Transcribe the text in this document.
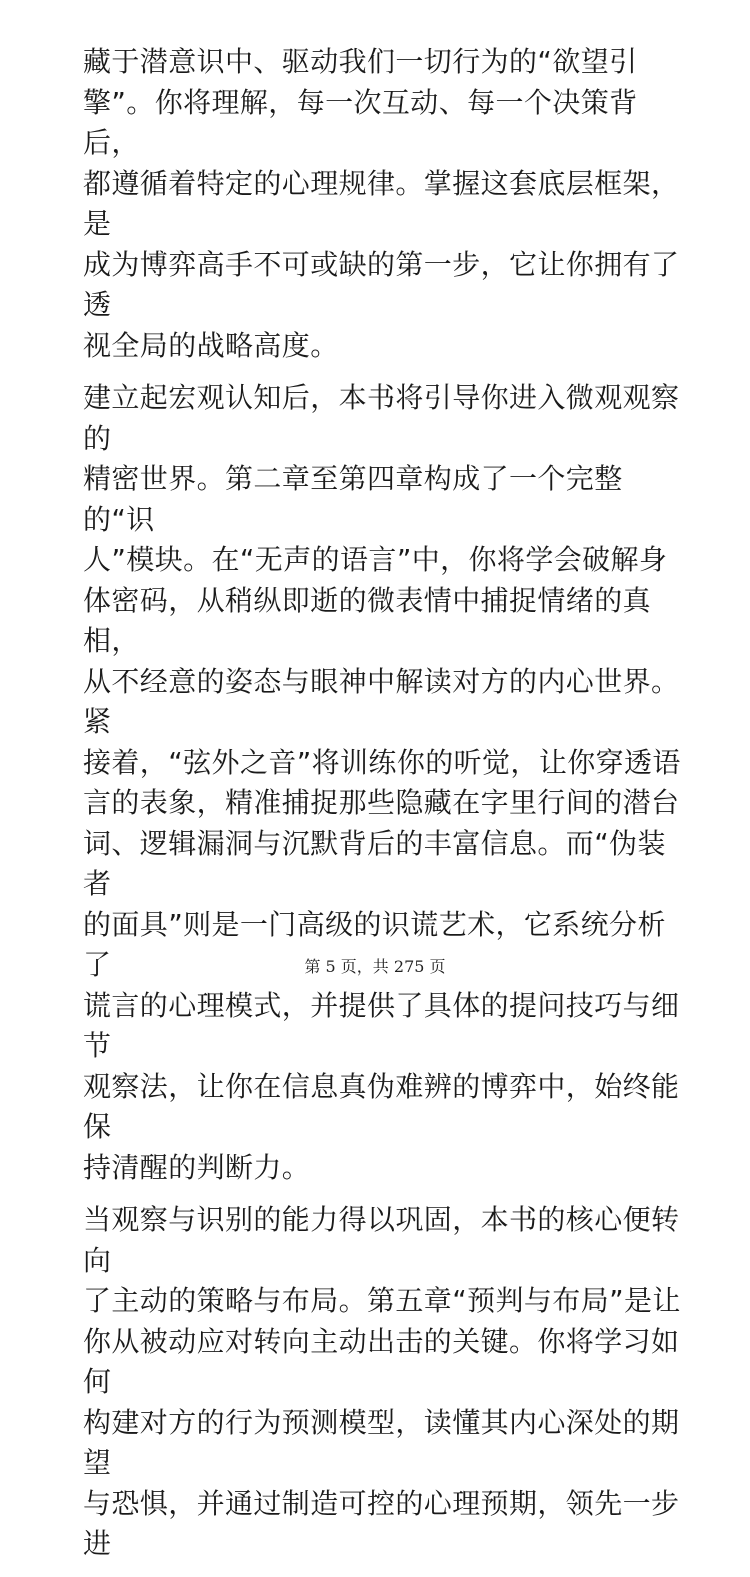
藏于潜意识中、驱动我们一切行为的“欲望引
擎”。你将理解，每一次互动、每一个决策背后，
都遵循着特定的心理规律。掌握这套底层框架，是
成为博弈高手不可或缺的第一步，它让你拥有了透
视全局的战略高度。

建立起宏观认知后，本书将引导你进入微观观察的
精密世界。第二章至第四章构成了一个完整的“识
人”模块。在“无声的语言”中，你将学会破解身
体密码，从稍纵即逝的微表情中捕捉情绪的真相，
从不经意的姿态与眼神中解读对方的内心世界。紧
接着，“弦外之音”将训练你的听觉，让你穿透语
言的表象，精准捕捉那些隐藏在字里行间的潜台
词、逻辑漏洞与沉默背后的丰富信息。而“伪装者
的面具”则是一门高级的识谎艺术，它系统分析了
谎言的心理模式，并提供了具体的提问技巧与细节
观察法，让你在信息真伪难辨的博弈中，始终能保
持清醒的判断力。

当观察与识别的能力得以巩固，本书的核心便转向
了主动的策略与布局。第五章“预判与布局”是让
你从被动应对转向主动出击的关键。你将学习如何
构建对方的行为预测模型，读懂其内心深处的期望
与恐惧，并通过制造可控的心理预期，领先一步进

第 5 页，共 275 页
